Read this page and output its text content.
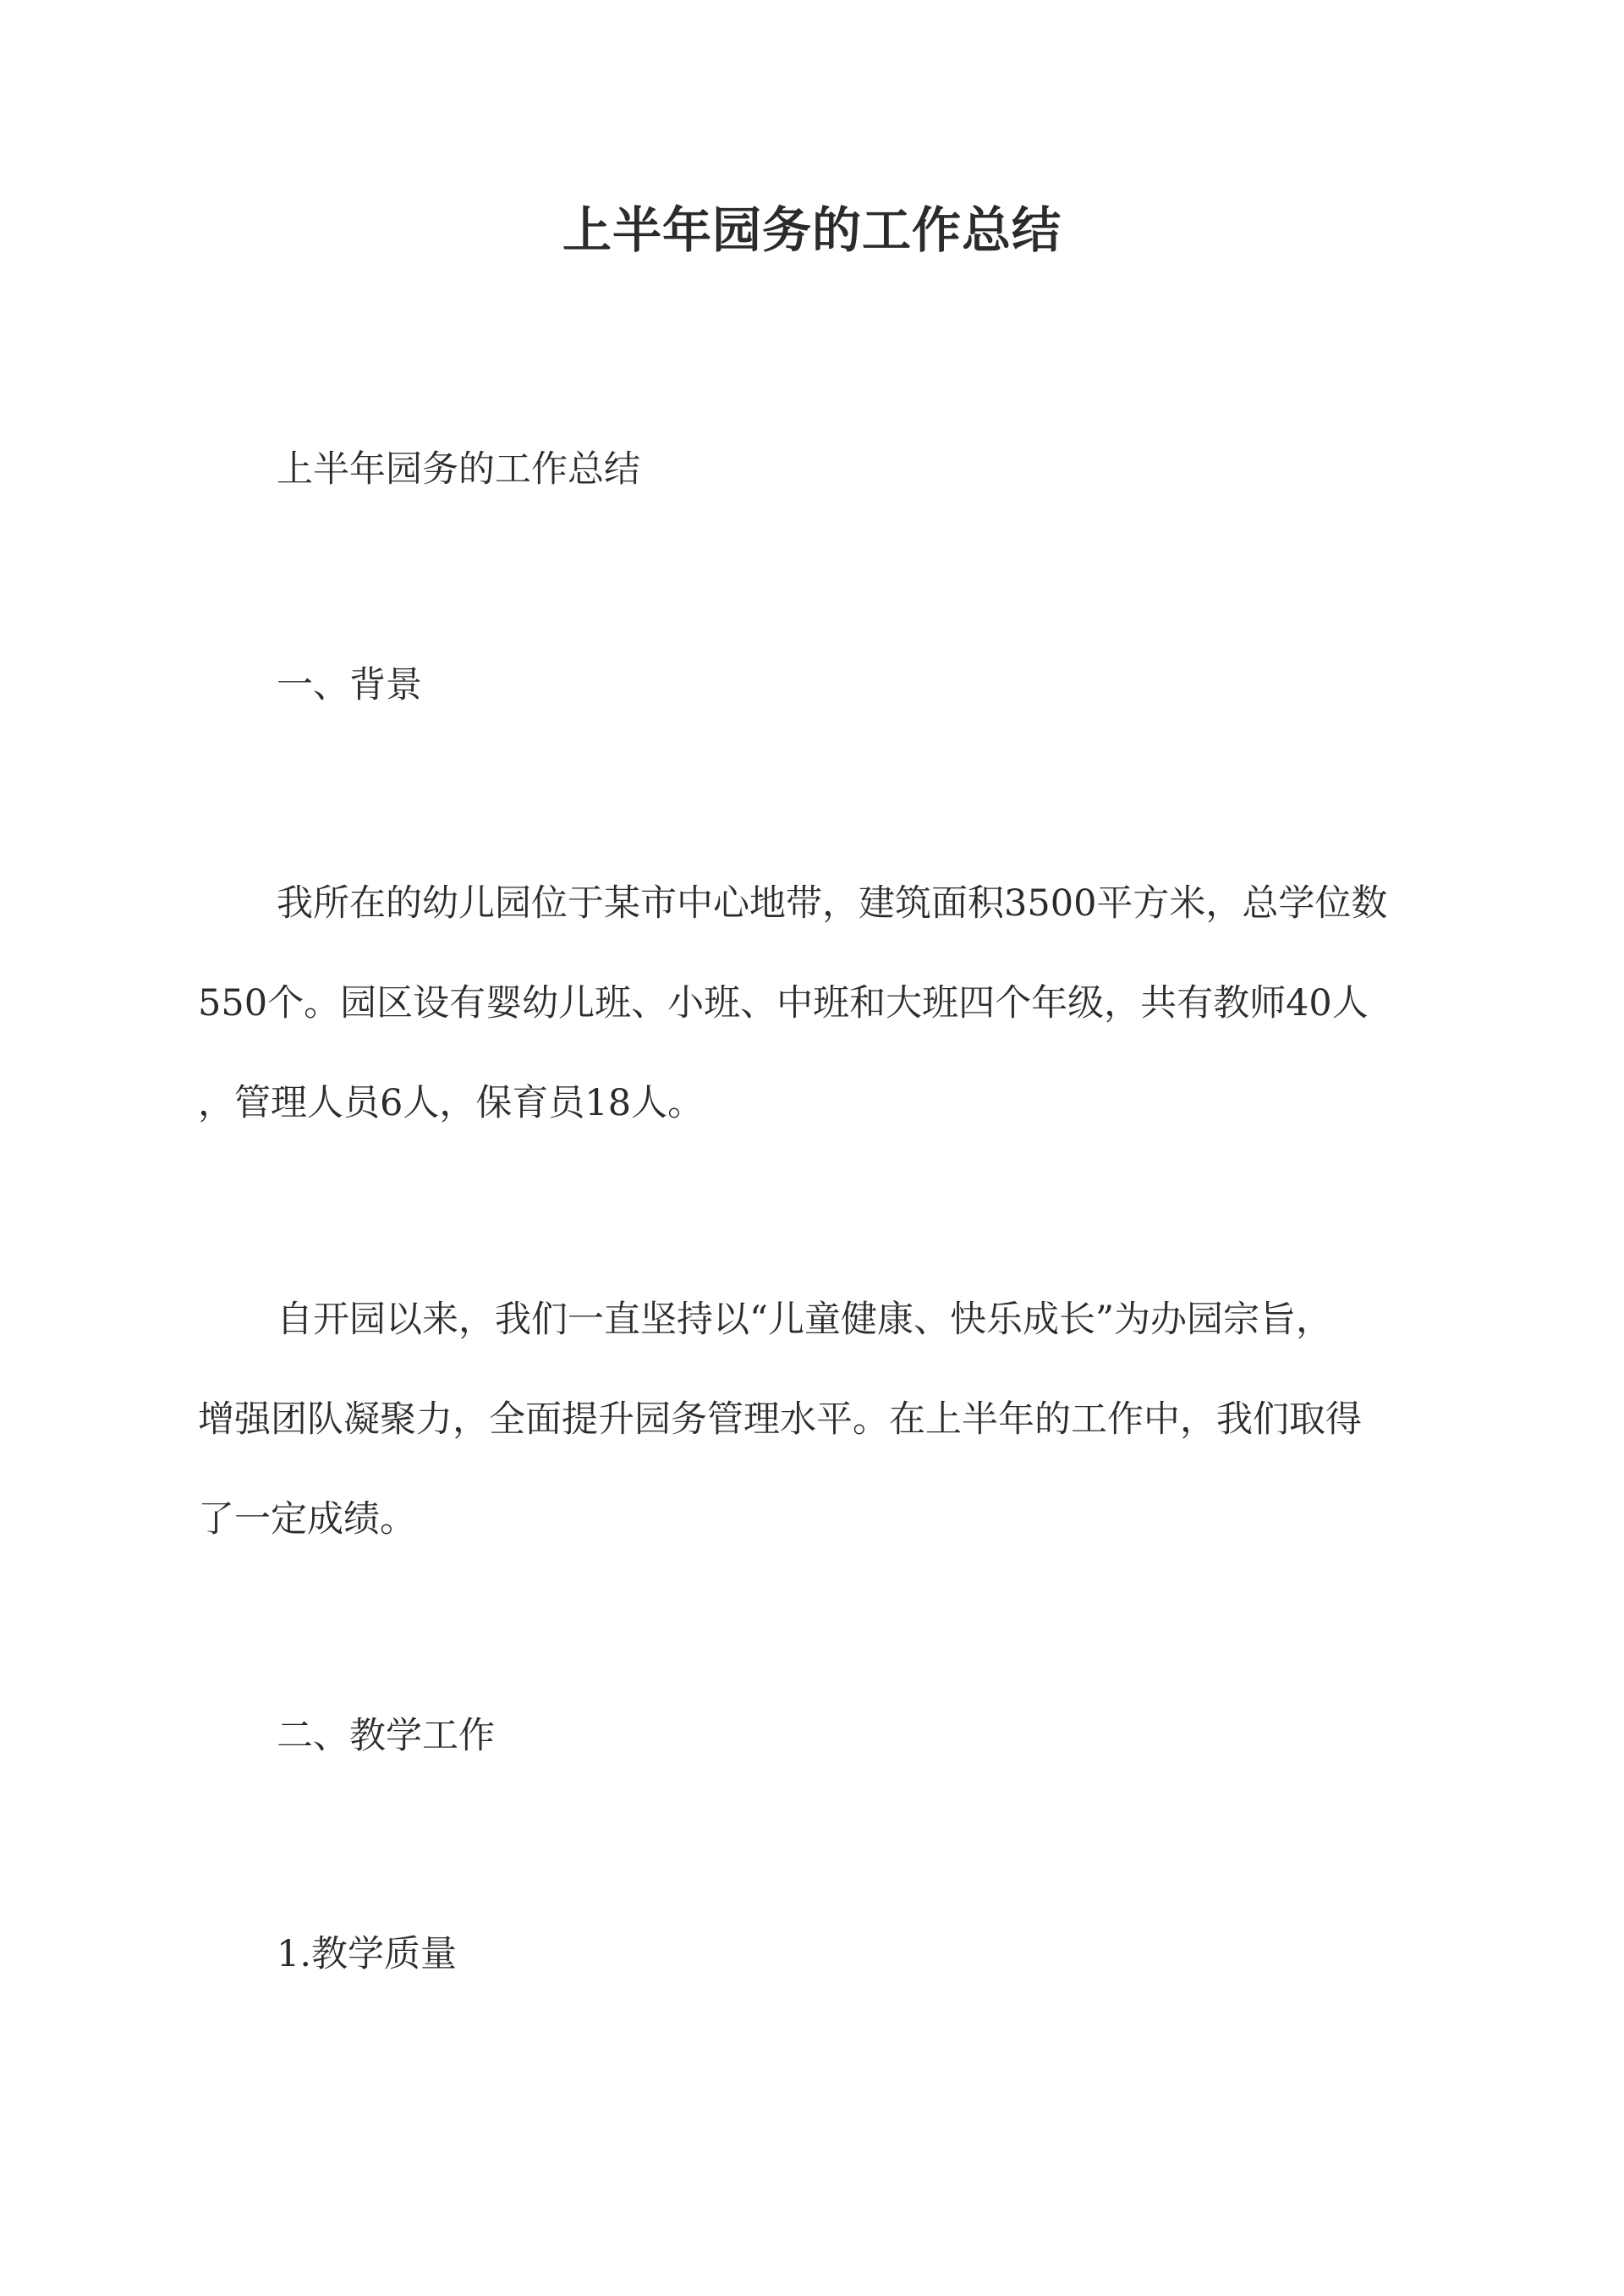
上半年园务的工作总结

上半年园务的工作总结

一、背景

我所在的幼儿园位于某市中心地带，建筑面积3500平方米，总学位数

550个。园区设有婴幼儿班、小班、中班和大班四个年级，共有教师40人

，管理人员6人，保育员18人。

自开园以来，我们一直坚持以“儿童健康、快乐成长”为办园宗旨，

增强团队凝聚力，全面提升园务管理水平。在上半年的工作中，我们取得

了一定成绩。

二、教学工作

1.教学质量
